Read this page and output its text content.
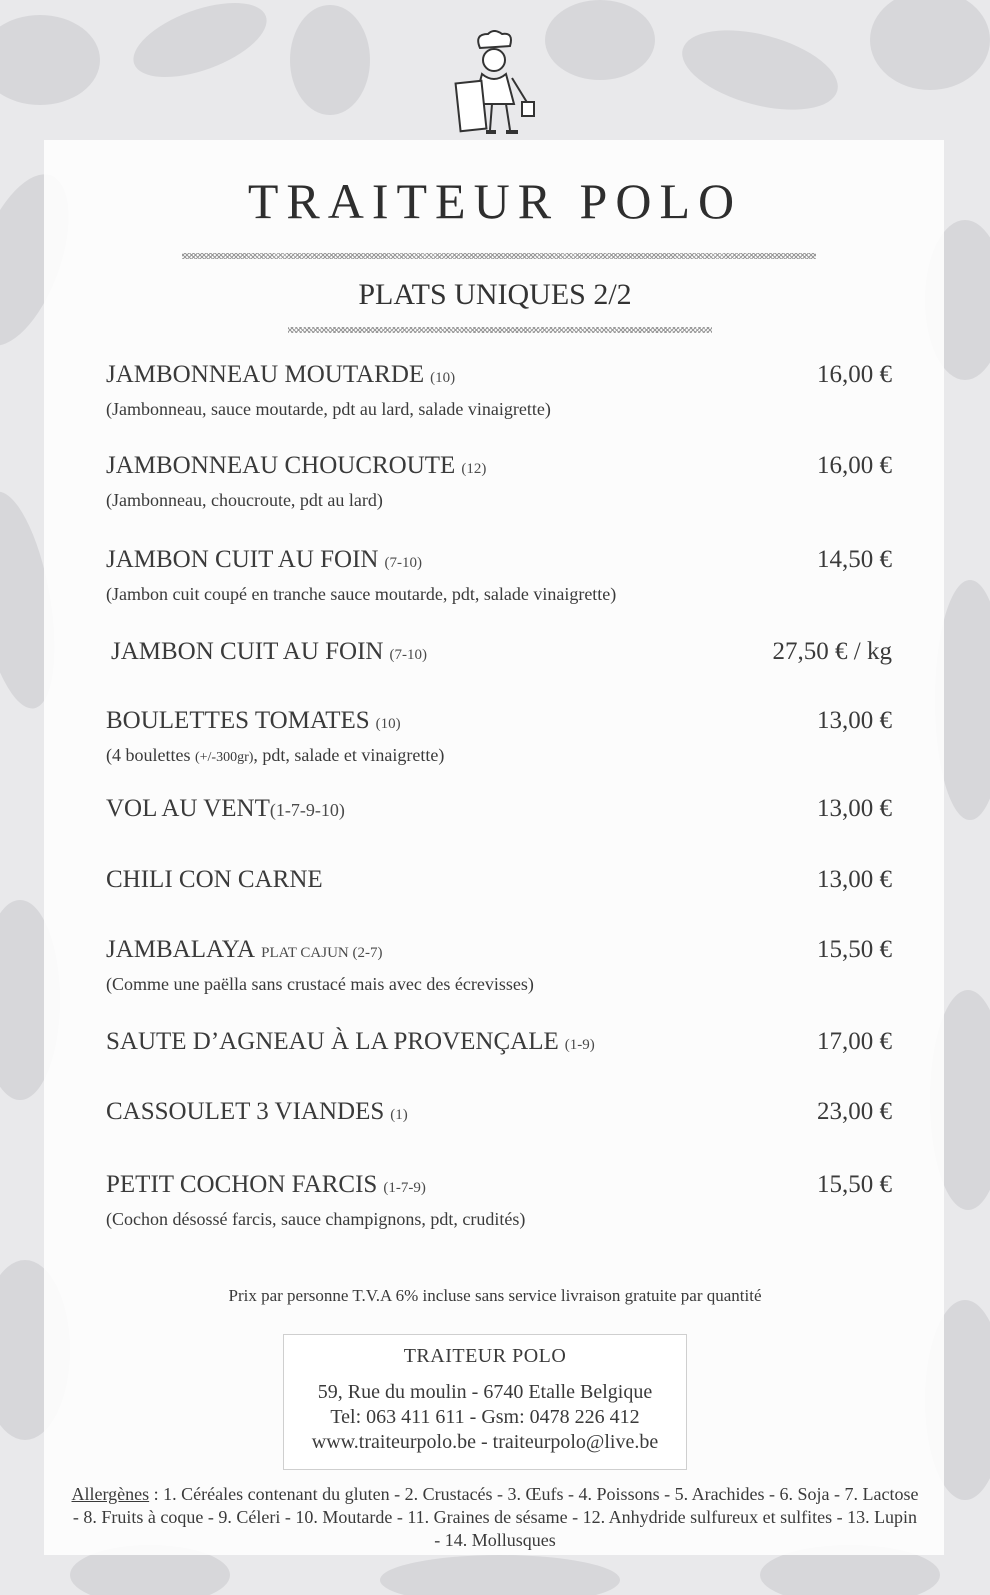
TRAITEUR POLO
PLATS UNIQUES 2/2
JAMBONNEAU MOUTARDE (10)	16,00 €
(Jambonneau, sauce moutarde, pdt au lard, salade vinaigrette)
JAMBONNEAU CHOUCROUTE (12)	16,00 €
(Jambonneau, choucroute, pdt au lard)
JAMBON CUIT AU FOIN (7-10)	14,50 €
(Jambon cuit coupé en tranche sauce moutarde, pdt, salade vinaigrette)
JAMBON CUIT AU FOIN (7-10)	27,50 € / kg
BOULETTES TOMATES (10)	13,00 €
(4 boulettes (+/-300gr), pdt, salade et vinaigrette)
VOL AU VENT(1-7-9-10)	13,00 €
CHILI CON CARNE	13,00 €
JAMBALAYA PLAT CAJUN (2-7)	15,50 €
(Comme une paëlla sans crustacé mais avec des écrevisses)
SAUTE D’AGNEAU À LA PROVENÇALE (1-9)	17,00 €
CASSOULET 3 VIANDES (1)	23,00 €
PETIT COCHON FARCIS (1-7-9)	15,50 €
(Cochon désossé farcis, sauce champignons, pdt, crudités)
Prix par personne T.V.A 6% incluse sans service livraison gratuite par quantité
TRAITEUR POLO
59, Rue du moulin - 6740 Etalle Belgique
Tel: 063 411 611 - Gsm: 0478 226 412
www.traiteurpolo.be - traiteurpolo@live.be
Allergènes : 1. Céréales contenant du gluten - 2. Crustacés - 3. Œufs - 4. Poissons - 5. Arachides - 6. Soja - 7. Lactose - 8. Fruits à coque - 9. Céleri - 10. Moutarde - 11. Graines de sésame - 12. Anhydride sulfureux et sulfites - 13. Lupin - 14. Mollusques
